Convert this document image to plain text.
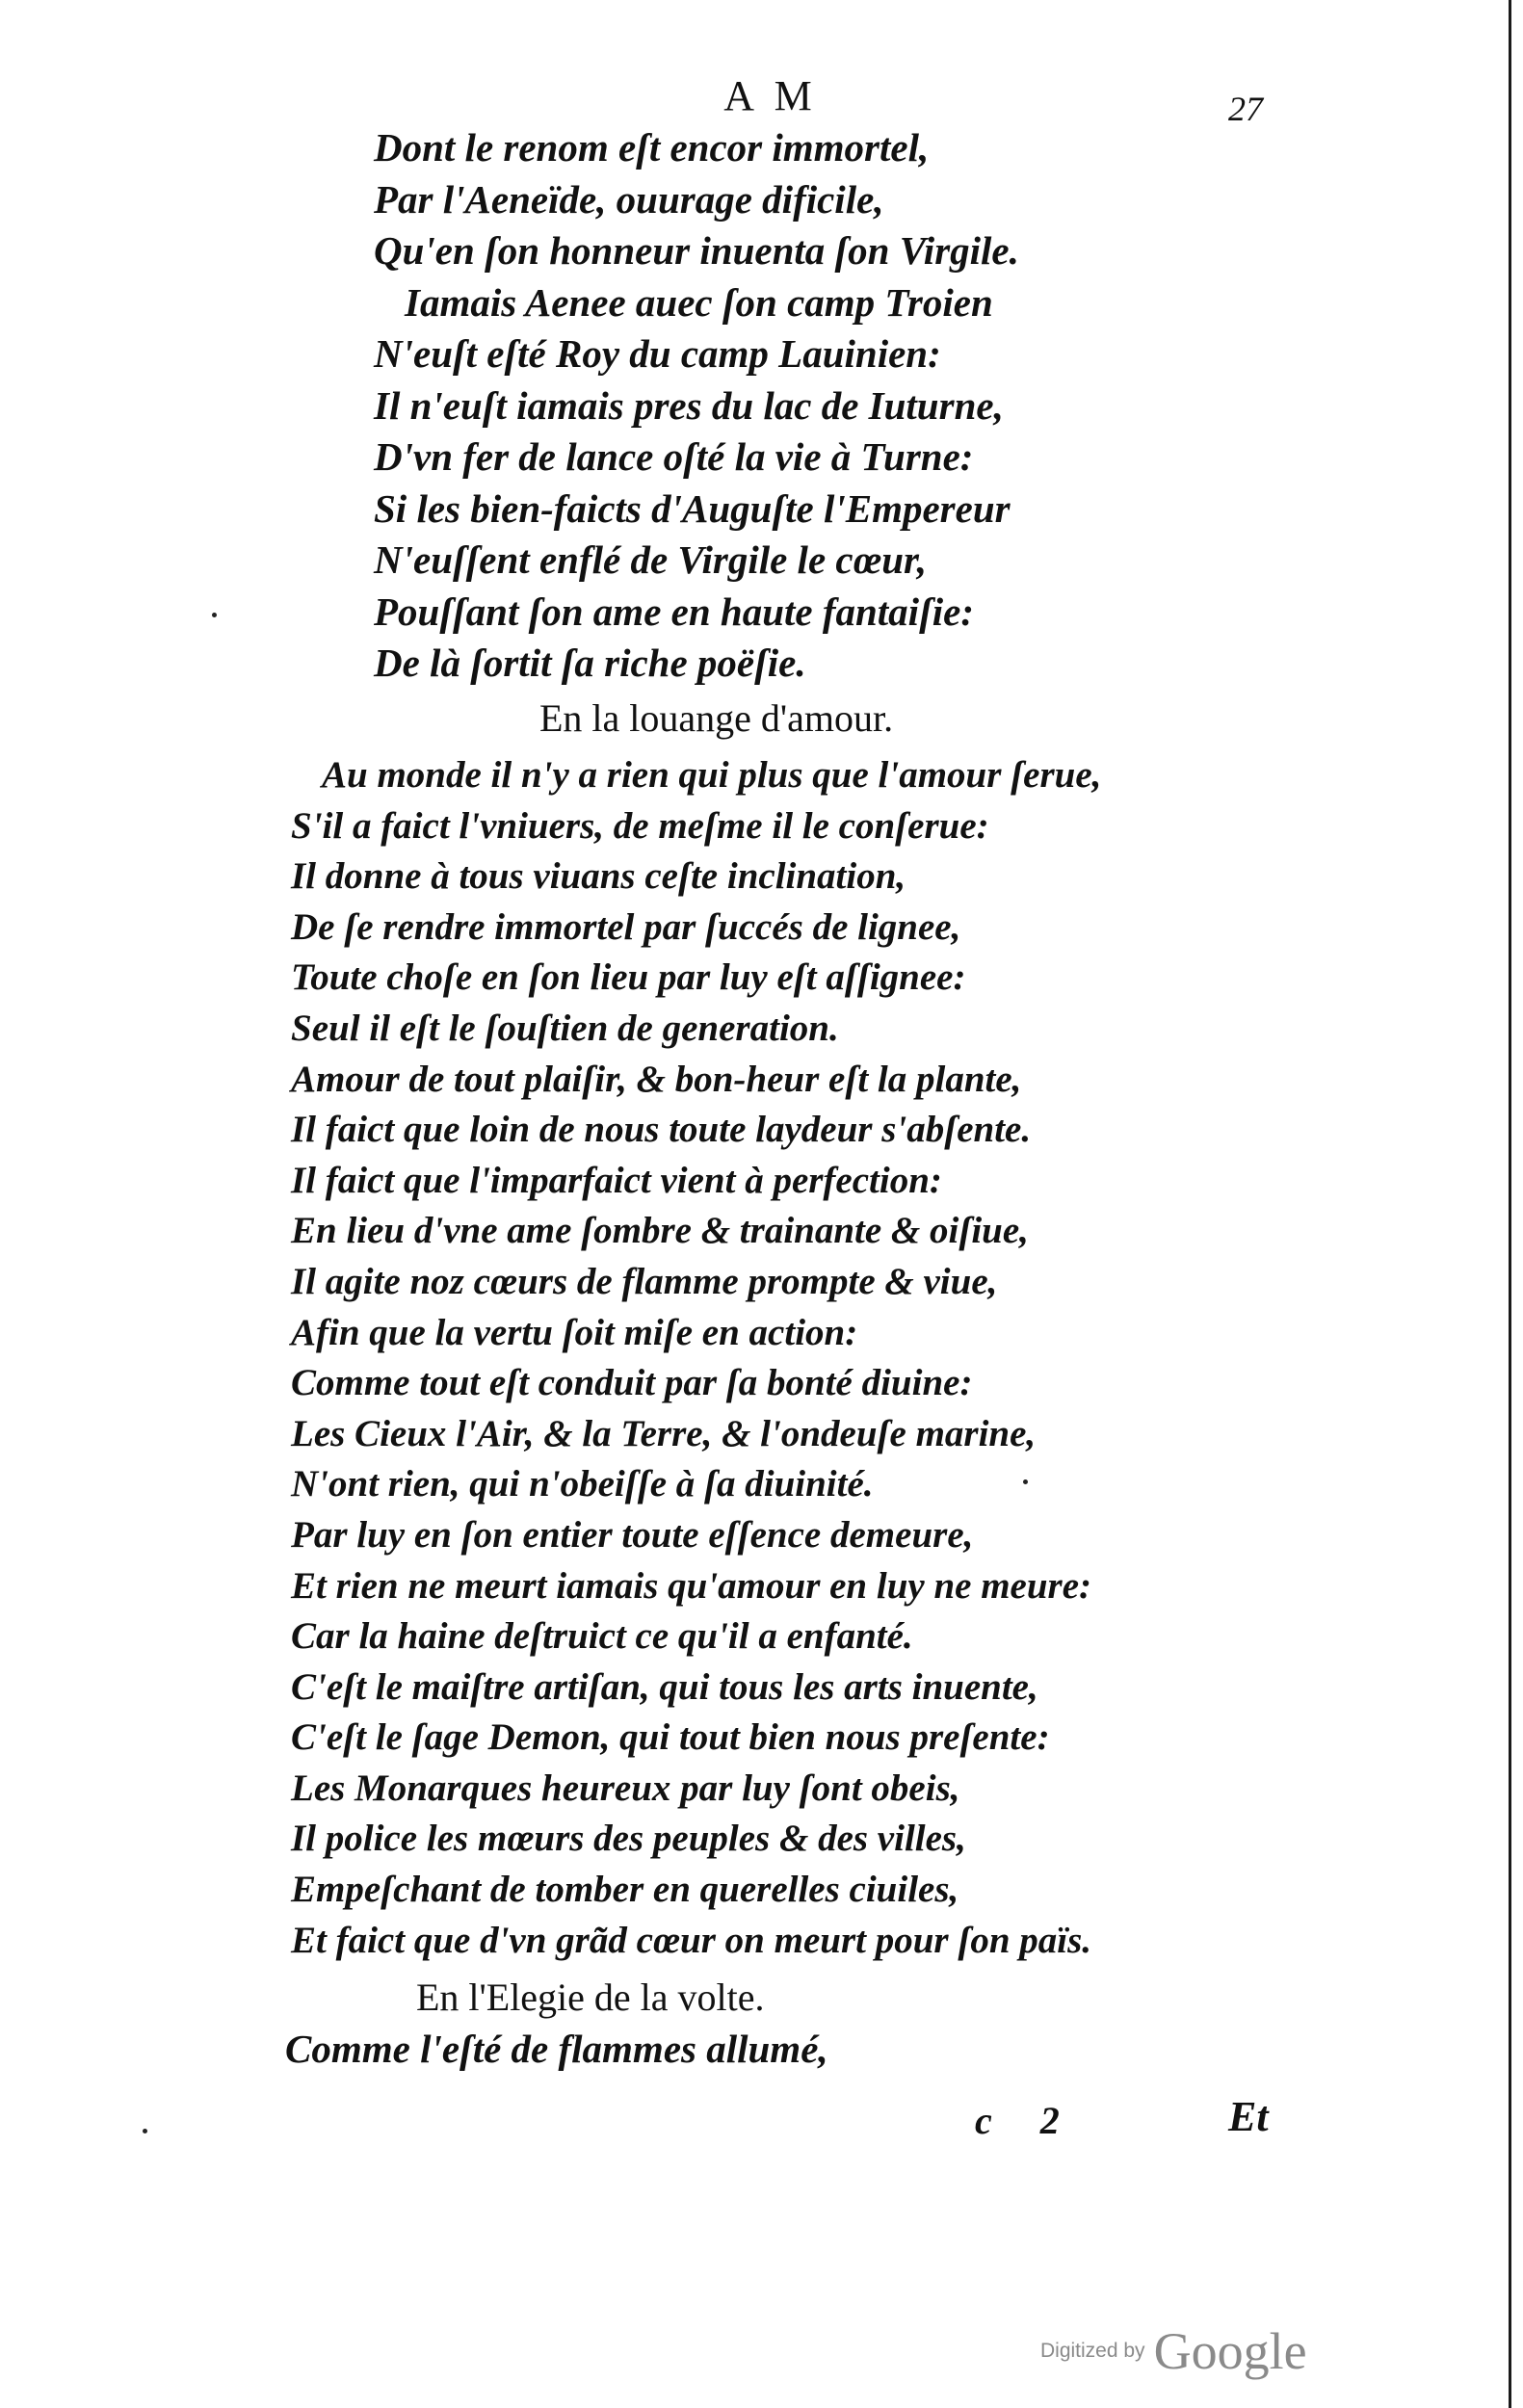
A M	27
Dont le renom eſt encor immortel,
Par l'Aeneïde, ouurage dificile,
Qu'en ſon honneur inuenta ſon Virgile.
Iamais Aenee auec ſon camp Troien
N'euſt eſté Roy du camp Lauinien:
Il n'euſt iamais pres du lac de Iuturne,
D'vn fer de lance oſté la vie à Turne:
Si les bien-faicts d'Auguſte l'Empereur
N'euſſent enflé de Virgile le cœur,
Pouſſant ſon ame en haute fantaiſie:
De là ſortit ſa riche poëſie.
En la louange d'amour.
Au monde il n'y a rien qui plus que l'amour ſerue,
S'il a faict l'vniuers, de meſme il le conſerue:
Il donne à tous viuans ceſte inclination,
De ſe rendre immortel par ſuccés de lignee,
Toute choſe en ſon lieu par luy eſt aſſignee:
Seul il eſt le ſouſtien de generation.
Amour de tout plaiſir, & bon-heur eſt la plante,
Il faict que loin de nous toute laydeur s'abſente.
Il faict que l'imparfaict vient à perfection:
En lieu d'vne ame ſombre & trainante & oiſiue,
Il agite noz cœurs de flamme prompte & viue,
Afin que la vertu ſoit miſe en action:
Comme tout eſt conduit par ſa bonté diuine:
Les Cieux l'Air, & la Terre, & l'ondeuſe marine,
N'ont rien, qui n'obeiſſe à ſa diuinité.
Par luy en ſon entier toute eſſence demeure,
Et rien ne meurt iamais qu'amour en luy ne meure:
Car la haine deſtruict ce qu'il a enfanté.
C'eſt le maiſtre artiſan, qui tous les arts inuente,
C'eſt le ſage Demon, qui tout bien nous preſente:
Les Monarques heureux par luy ſont obeis,
Il police les mœurs des peuples & des villes,
Empeſchant de tomber en querelles ciuiles,
Et faict que d'vn grãd cœur on meurt pour ſon païs.
En l'Elegie de la volte.
Comme l'eſté de flammes allumé,
c 2	Et
Digitized by Google
